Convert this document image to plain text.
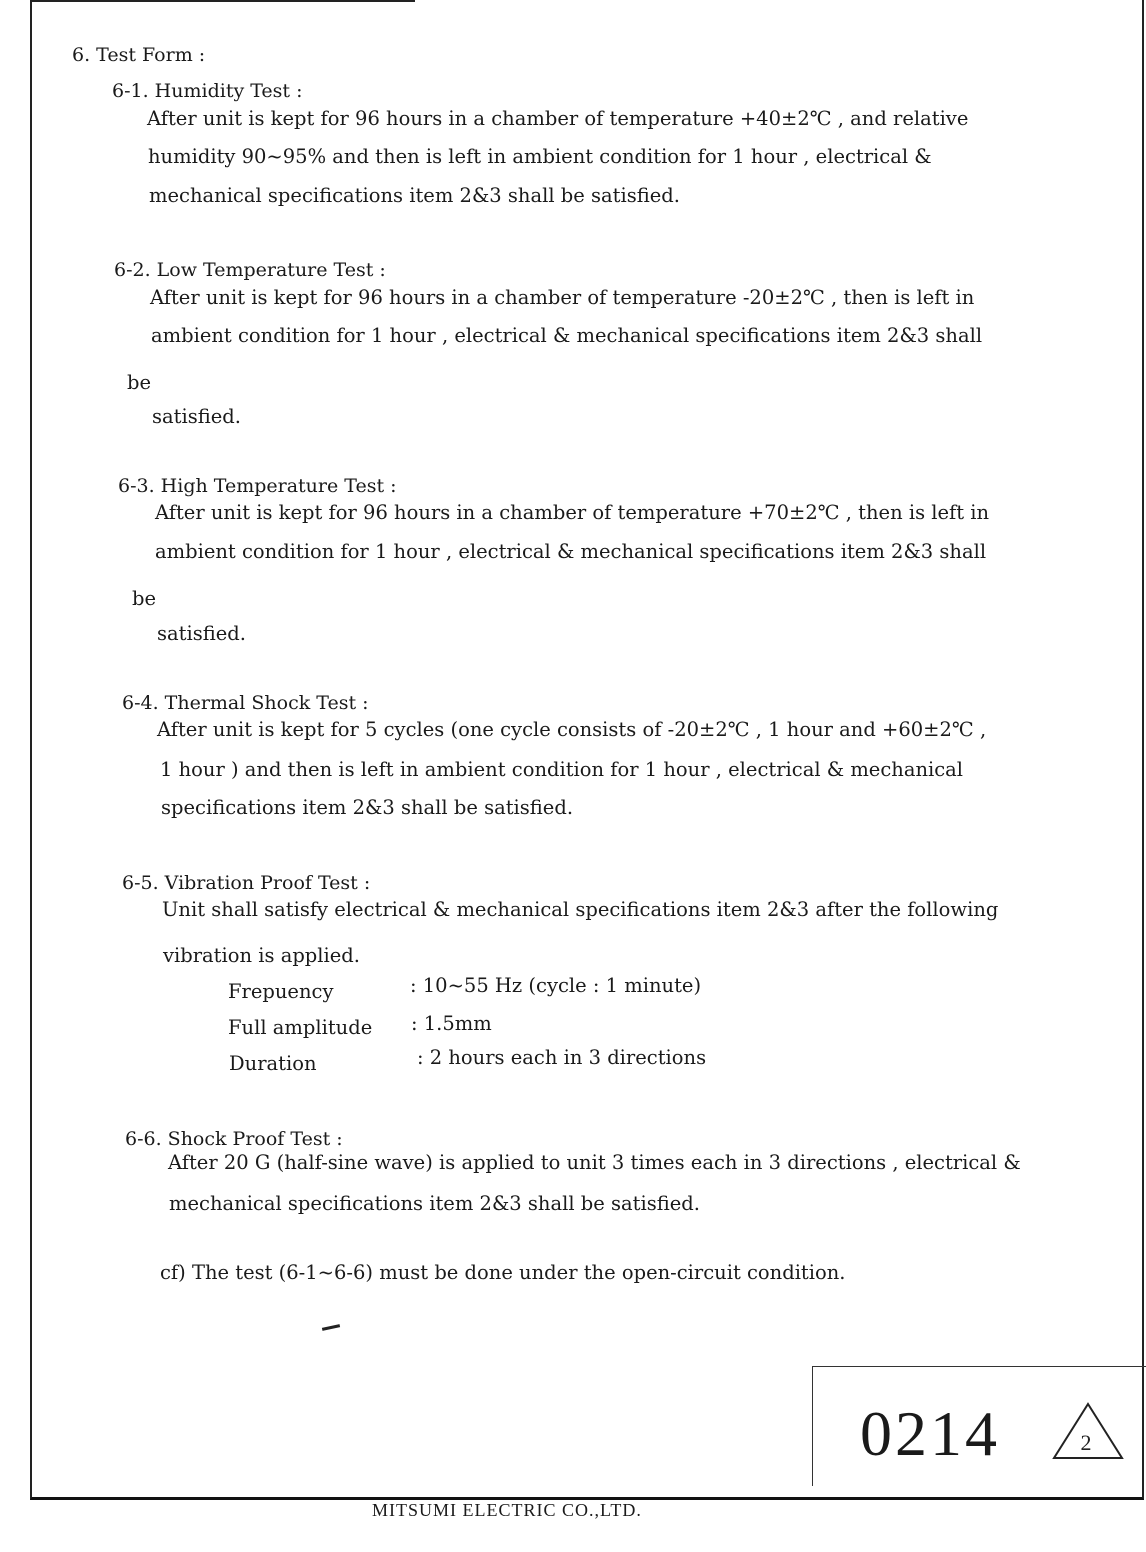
6. Test Form :
6-1. Humidity Test :
After unit is kept for 96 hours in a chamber of temperature +40±2℃ , and relative
humidity 90~95% and then is left in ambient condition for 1 hour , electrical &
mechanical specifications item 2&3 shall be satisfied.
6-2. Low Temperature Test :
After unit is kept for 96 hours in a chamber of temperature -20±2℃ , then is left in
ambient condition for 1 hour , electrical & mechanical specifications item 2&3 shall
be
satisfied.
6-3. High Temperature Test :
After unit is kept for 96 hours in a chamber of temperature +70±2℃ , then is left in
ambient condition for 1 hour , electrical & mechanical specifications item 2&3 shall
be
satisfied.
6-4. Thermal Shock Test :
After unit is kept for 5 cycles (one cycle consists of -20±2℃ , 1 hour and +60±2℃ ,
1 hour ) and then is left in ambient condition for 1 hour , electrical & mechanical
specifications item 2&3 shall be satisfied.
6-5. Vibration Proof Test :
Unit shall satisfy electrical & mechanical specifications item 2&3 after the following
vibration is applied.
Frepuency	: 10~55 Hz (cycle : 1 minute)
Full amplitude : 1.5mm
Duration	: 2 hours each in 3 directions
6-6. Shock Proof Test :
After 20 G (half-sine wave) is applied to unit 3 times each in 3 directions , electrical &
mechanical specifications item 2&3 shall be satisfied.
cf) The test (6-1~6-6) must be done under the open-circuit condition.
0214	2
MITSUMI ELECTRIC CO.,LTD.
